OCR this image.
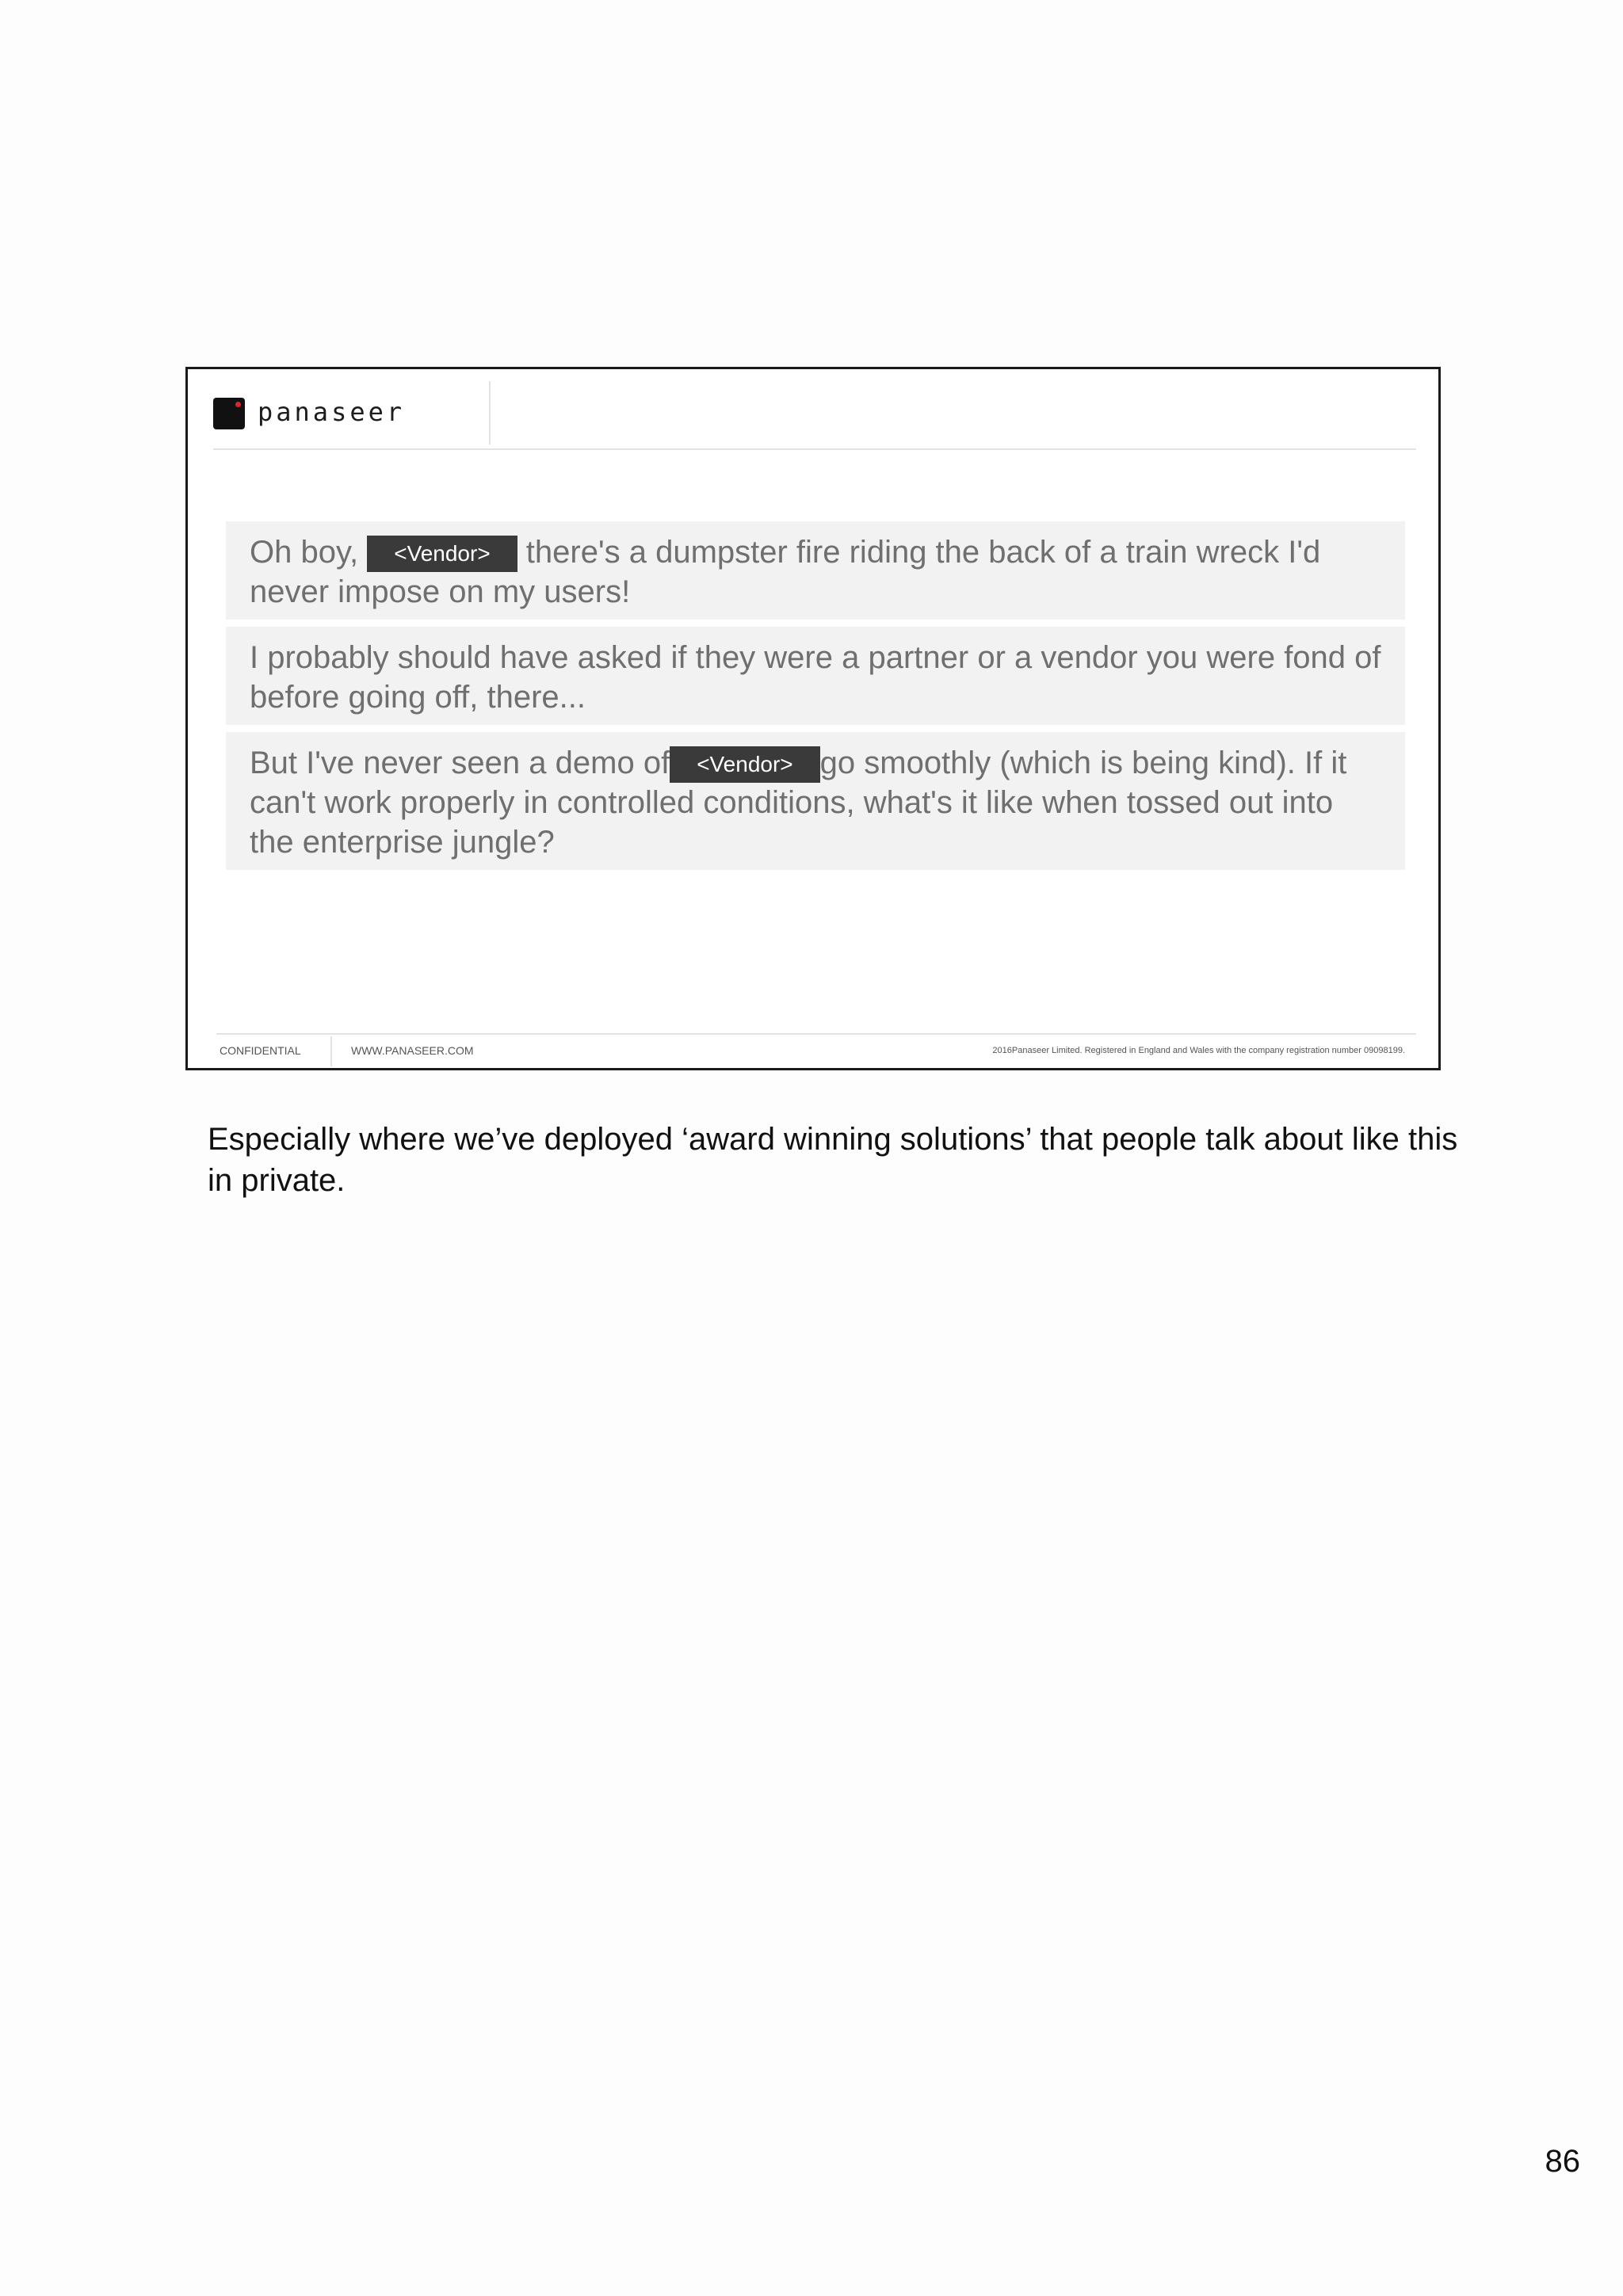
panaseer
Oh boy, <Vendor> there's a dumpster fire riding the back of a train wreck I'd never impose on my users!
I probably should have asked if they were a partner or a vendor you were fond of before going off, there...
But I've never seen a demo of <Vendor> go smoothly (which is being kind). If it can't work properly in controlled conditions, what's it like when tossed out into the enterprise jungle?
CONFIDENTIAL	WWW.PANASEER.COM	2016Panaseer Limited. Registered in England and Wales with the company registration number 09098199.
Especially where we’ve deployed ‘award winning solutions’ that people talk about like this in private.
86
